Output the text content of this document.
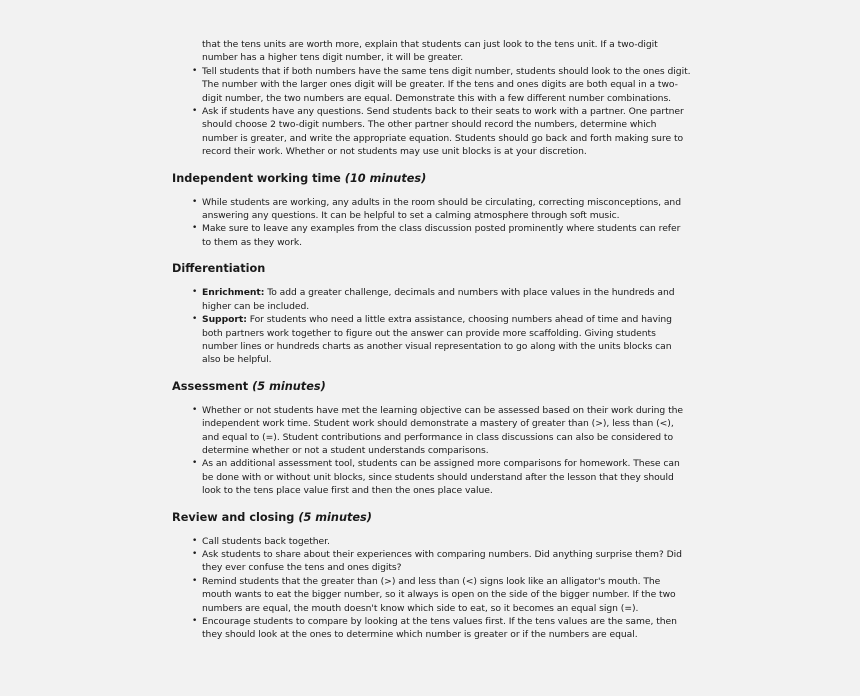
that the tens units are worth more, explain that students can just look to the tens unit. If a two-digit number has a higher tens digit number, it will be greater.
• Tell students that if both numbers have the same tens digit number, students should look to the ones digit. The number with the larger ones digit will be greater. If the tens and ones digits are both equal in a two-digit number, the two numbers are equal. Demonstrate this with a few different number combinations.
• Ask if students have any questions. Send students back to their seats to work with a partner. One partner should choose 2 two-digit numbers. The other partner should record the numbers, determine which number is greater, and write the appropriate equation. Students should go back and forth making sure to record their work. Whether or not students may use unit blocks is at your discretion.
Independent working time (10 minutes)
• While students are working, any adults in the room should be circulating, correcting misconceptions, and answering any questions. It can be helpful to set a calming atmosphere through soft music.
• Make sure to leave any examples from the class discussion posted prominently where students can refer to them as they work.
Differentiation
• Enrichment: To add a greater challenge, decimals and numbers with place values in the hundreds and higher can be included.
• Support: For students who need a little extra assistance, choosing numbers ahead of time and having both partners work together to figure out the answer can provide more scaffolding. Giving students number lines or hundreds charts as another visual representation to go along with the units blocks can also be helpful.
Assessment (5 minutes)
• Whether or not students have met the learning objective can be assessed based on their work during the independent work time. Student work should demonstrate a mastery of greater than (>), less than (<), and equal to (=). Student contributions and performance in class discussions can also be considered to determine whether or not a student understands comparisons.
• As an additional assessment tool, students can be assigned more comparisons for homework. These can be done with or without unit blocks, since students should understand after the lesson that they should look to the tens place value first and then the ones place value.
Review and closing (5 minutes)
• Call students back together.
• Ask students to share about their experiences with comparing numbers. Did anything surprise them? Did they ever confuse the tens and ones digits?
• Remind students that the greater than (>) and less than (<) signs look like an alligator's mouth. The mouth wants to eat the bigger number, so it always is open on the side of the bigger number. If the two numbers are equal, the mouth doesn't know which side to eat, so it becomes an equal sign (=).
• Encourage students to compare by looking at the tens values first. If the tens values are the same, then they should look at the ones to determine which number is greater or if the numbers are equal.
